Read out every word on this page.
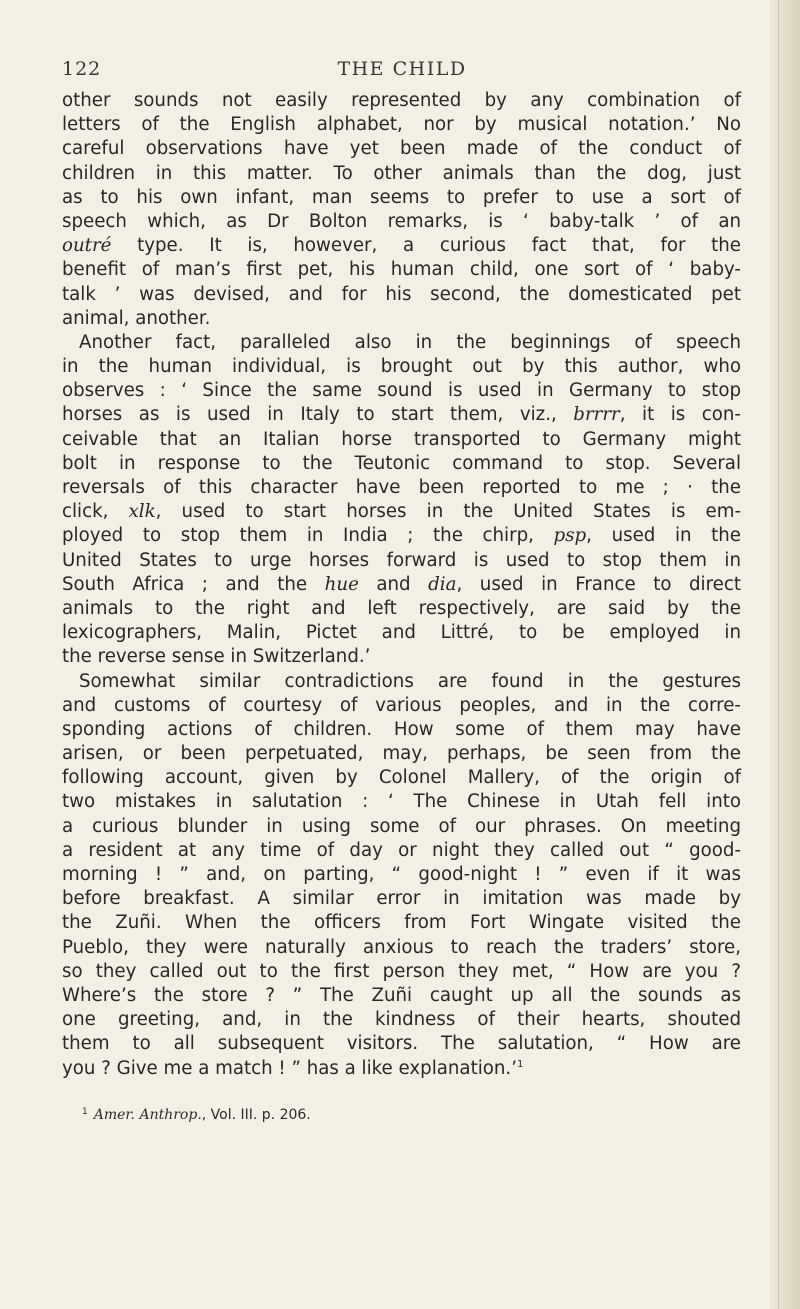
122	THE CHILD
other sounds not easily represented by any combination of
letters of the English alphabet, nor by musical notation.’ No
careful observations have yet been made of the conduct of
children in this matter. To other animals than the dog, just
as to his own infant, man seems to prefer to use a sort of
speech which, as Dr Bolton remarks, is ‘ baby-talk ’ of an
outré type. It is, however, a curious fact that, for the
benefit of man’s first pet, his human child, one sort of ‘ baby-
talk ’ was devised, and for his second, the domesticated pet
animal, another.
Another fact, paralleled also in the beginnings of speech
in the human individual, is brought out by this author, who
observes : ‘ Since the same sound is used in Germany to stop
horses as is used in Italy to start them, viz., brrrr, it is con-
ceivable that an Italian horse transported to Germany might
bolt in response to the Teutonic command to stop. Several
reversals of this character have been reported to me ; · the
click, xlk, used to start horses in the United States is em-
ployed to stop them in India ; the chirp, psp, used in the
United States to urge horses forward is used to stop them in
South Africa ; and the hue and dia, used in France to direct
animals to the right and left respectively, are said by the
lexicographers, Malin, Pictet and Littré, to be employed in
the reverse sense in Switzerland.’
Somewhat similar contradictions are found in the gestures
and customs of courtesy of various peoples, and in the corre-
sponding actions of children. How some of them may have
arisen, or been perpetuated, may, perhaps, be seen from the
following account, given by Colonel Mallery, of the origin of
two mistakes in salutation : ‘ The Chinese in Utah fell into
a curious blunder in using some of our phrases. On meeting
a resident at any time of day or night they called out “ good-
morning ! ” and, on parting, “ good-night ! ” even if it was
before breakfast. A similar error in imitation was made by
the Zuñi. When the officers from Fort Wingate visited the
Pueblo, they were naturally anxious to reach the traders’ store,
so they called out to the first person they met, “ How are you ?
Where’s the store ? ” The Zuñi caught up all the sounds as
one greeting, and, in the kindness of their hearts, shouted
them to all subsequent visitors. The salutation, “ How are
you ? Give me a match ! ” has a like explanation.’$^1$
$^1$ Amer. Anthrop., Vol. III. p. 206.
